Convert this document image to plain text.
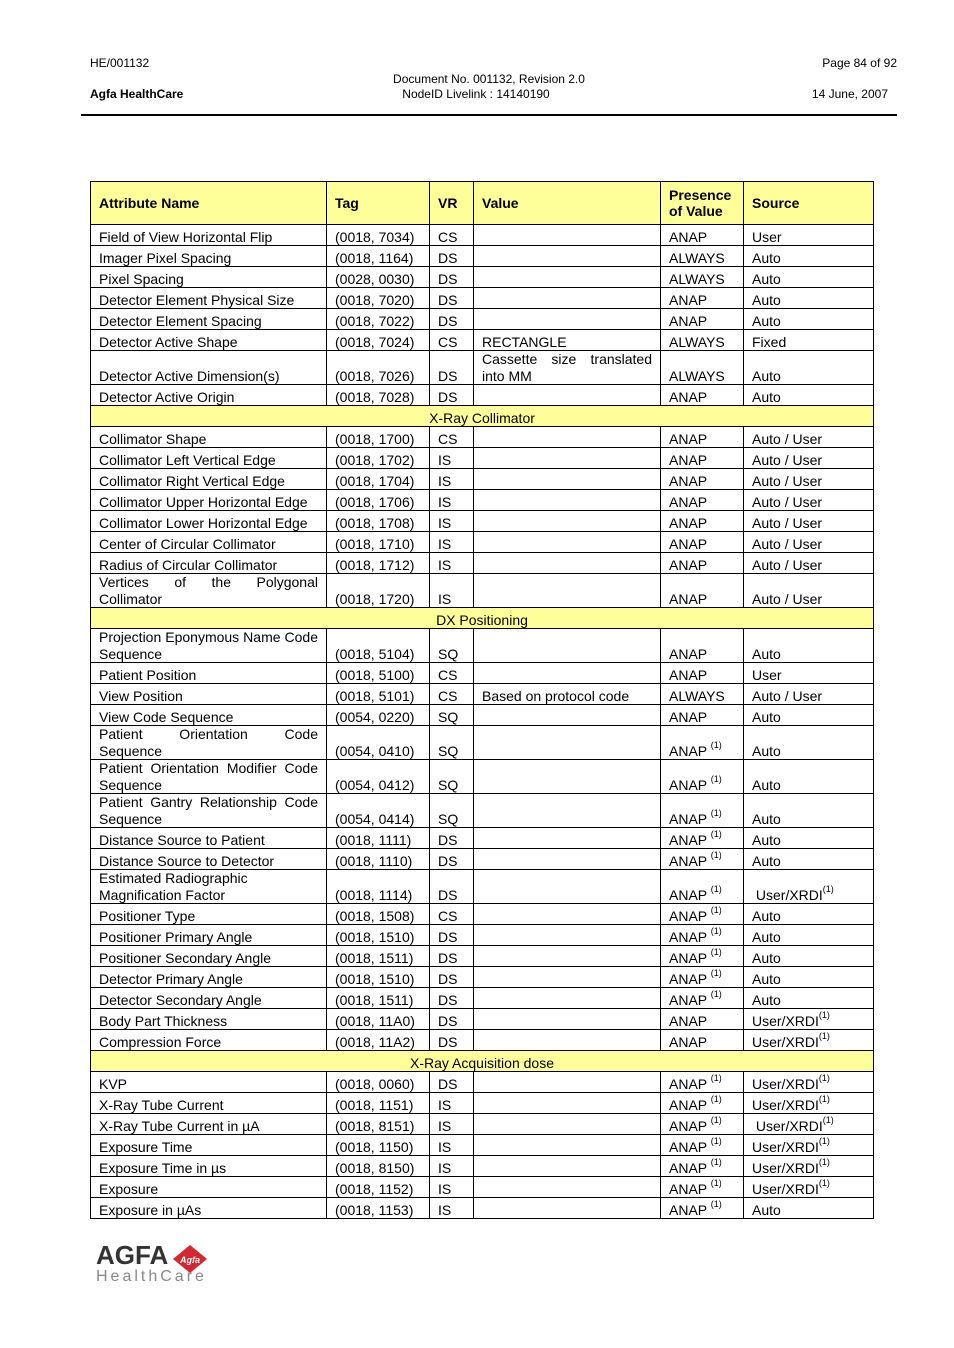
HE/001132
Agfa HealthCare
Document No. 001132, Revision 2.0
NodeID Livelink : 14140190
Page 84 of 92
14 June, 2007
Attribute Name	Tag	VR	Value	Presence of Value	Source
Field of View Horizontal Flip	(0018, 7034)	CS		ANAP	User
Imager Pixel Spacing	(0018, 1164)	DS		ALWAYS	Auto
Pixel Spacing	(0028, 0030)	DS		ALWAYS	Auto
Detector Element Physical Size	(0018, 7020)	DS		ANAP	Auto
Detector Element Spacing	(0018, 7022)	DS		ANAP	Auto
Detector Active Shape	(0018, 7024)	CS	RECTANGLE	ALWAYS	Fixed
Detector Active Dimension(s)	(0018, 7026)	DS	Cassette size translated into MM	ALWAYS	Auto
Detector Active Origin	(0018, 7028)	DS		ANAP	Auto
X-Ray Collimator					
Collimator Shape	(0018, 1700)	CS		ANAP	Auto / User
Collimator Left Vertical Edge	(0018, 1702)	IS		ANAP	Auto / User
Collimator Right Vertical Edge	(0018, 1704)	IS		ANAP	Auto / User
Collimator Upper Horizontal Edge	(0018, 1706)	IS		ANAP	Auto / User
Collimator Lower Horizontal Edge	(0018, 1708)	IS		ANAP	Auto / User
Center of Circular Collimator	(0018, 1710)	IS		ANAP	Auto / User
Radius of Circular Collimator	(0018, 1712)	IS		ANAP	Auto / User
Vertices of the Polygonal Collimator	(0018, 1720)	IS		ANAP	Auto / User
DX Positioning					
Projection Eponymous Name Code Sequence	(0018, 5104)	SQ		ANAP	Auto
Patient Position	(0018, 5100)	CS		ANAP	User
View Position	(0018, 5101)	CS	Based on protocol code	ALWAYS	Auto / User
View Code Sequence	(0054, 0220)	SQ		ANAP	Auto
Patient Orientation Code Sequence	(0054, 0410)	SQ		ANAP $^{(1)}$	Auto
Patient Orientation Modifier Code Sequence	(0054, 0412)	SQ		ANAP $^{(1)}$	Auto
Patient Gantry Relationship Code Sequence	(0054, 0414)	SQ		ANAP $^{(1)}$	Auto
Distance Source to Patient	(0018, 1111)	DS		ANAP $^{(1)}$	Auto
Distance Source to Detector	(0018, 1110)	DS		ANAP $^{(1)}$	Auto
Estimated Radiographic Magnification Factor	(0018, 1114)	DS		ANAP $^{(1)}$	User/XRDI$^{(1)}$
Positioner Type	(0018, 1508)	CS		ANAP $^{(1)}$	Auto
Positioner Primary Angle	(0018, 1510)	DS		ANAP $^{(1)}$	Auto
Positioner Secondary Angle	(0018, 1511)	DS		ANAP $^{(1)}$	Auto
Detector Primary Angle	(0018, 1510)	DS		ANAP $^{(1)}$	Auto
Detector Secondary Angle	(0018, 1511)	DS		ANAP $^{(1)}$	Auto
Body Part Thickness	(0018, 11A0)	DS		ANAP	User/XRDI$^{(1)}$
Compression Force	(0018, 11A2)	DS		ANAP	User/XRDI$^{(1)}$
X-Ray Acquisition dose					
KVP	(0018, 0060)	DS		ANAP $^{(1)}$	User/XRDI$^{(1)}$
X-Ray Tube Current	(0018, 1151)	IS		ANAP $^{(1)}$	User/XRDI$^{(1)}$
X-Ray Tube Current in µA	(0018, 8151)	IS		ANAP $^{(1)}$	User/XRDI$^{(1)}$
Exposure Time	(0018, 1150)	IS		ANAP $^{(1)}$	User/XRDI$^{(1)}$
Exposure Time in µs	(0018, 8150)	IS		ANAP $^{(1)}$	User/XRDI$^{(1)}$
Exposure	(0018, 1152)	IS		ANAP $^{(1)}$	User/XRDI$^{(1)}$
Exposure in µAs	(0018, 1153)	IS		ANAP $^{(1)}$	Auto
AGFA Agfa
HealthCare
